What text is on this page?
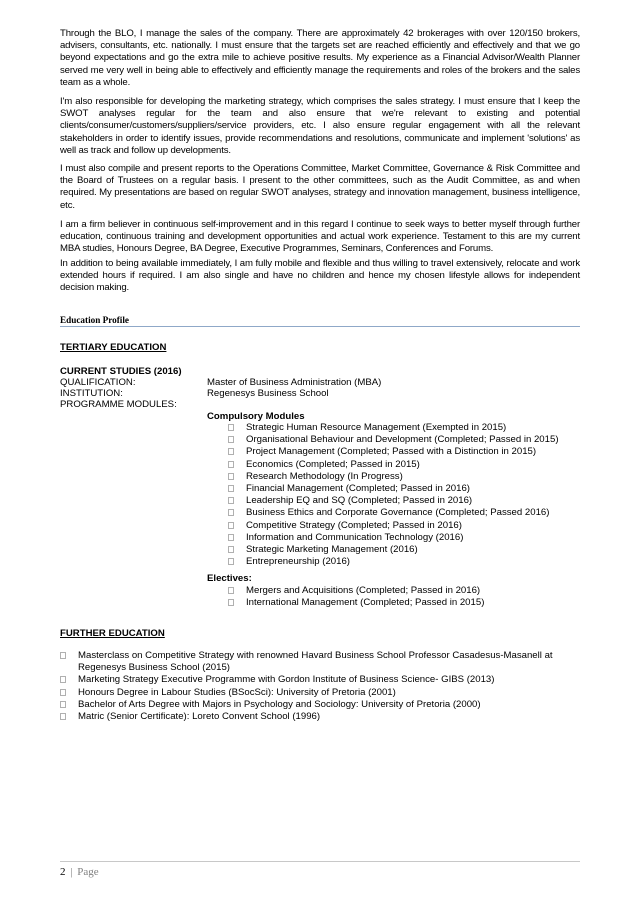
Through the BLO, I manage the sales of the company. There are approximately 42 brokerages with over 120/150 brokers, advisers, consultants, etc. nationally. I must ensure that the targets set are reached efficiently and effectively and that we go beyond expectations and go the extra mile to achieve positive results. My experience as a Financial Advisor/Wealth Planner served me very well in being able to effectively and efficiently manage the requirements and roles of the brokers and the sales team as a whole.

I'm also responsible for developing the marketing strategy, which comprises the sales strategy. I must ensure that I keep the SWOT analyses regular for the team and also ensure that we're relevant to existing and potential clients/consumer/customers/suppliers/service providers, etc. I also ensure regular engagement with all the relevant stakeholders in order to identify issues, provide recommendations and resolutions, communicate and implement 'solutions' as well as track and follow up developments.

I must also compile and present reports to the Operations Committee, Market Committee, Governance & Risk Committee and the Board of Trustees on a regular basis. I present to the other committees, such as the Audit Committee, as and when required. My presentations are based on regular SWOT analyses, strategy and innovation management, business intelligence, etc.

I am a firm believer in continuous self-improvement and in this regard I continue to seek ways to better myself through further education, continuous training and development opportunities and actual work experience. Testament to this are my current MBA studies, Honours Degree, BA Degree, Executive Programmes, Seminars, Conferences and Forums.

In addition to being available immediately, I am fully mobile and flexible and thus willing to travel extensively, relocate and work extended hours if required. I am also single and have no children and hence my chosen lifestyle allows for independent decision making.

Education Profile
TERTIARY EDUCATION
CURRENT STUDIES (2016)
QUALIFICATION:	Master of Business Administration (MBA)
INSTITUTION:	Regenesys Business School
PROGRAMME MODULES:
Compulsory Modules
Strategic Human Resource Management (Exempted in 2015)
Organisational Behaviour and Development (Completed; Passed in 2015)
Project Management (Completed; Passed with a Distinction in 2015)
Economics (Completed; Passed in 2015)
Research Methodology (In Progress)
Financial Management (Completed; Passed in 2016)
Leadership EQ and SQ (Completed; Passed in 2016)
Business Ethics and Corporate Governance (Completed; Passed 2016)
Competitive Strategy (Completed; Passed in 2016)
Information and Communication Technology (2016)
Strategic Marketing Management (2016)
Entrepreneurship (2016)
Electives:
Mergers and Acquisitions (Completed; Passed in 2016)
International Management (Completed; Passed in 2015)
FURTHER EDUCATION
Masterclass on Competitive Strategy with renowned Havard Business School Professor Casadesus-Masanell at Regenesys Business School (2015)
Marketing Strategy Executive Programme with Gordon Institute of Business Science- GIBS (2013)
Honours Degree in Labour Studies (BSocSci): University of Pretoria (2001)
Bachelor of Arts Degree with Majors in Psychology and Sociology: University of Pretoria (2000)
Matric (Senior Certificate): Loreto Convent School (1996)
2 | Page
